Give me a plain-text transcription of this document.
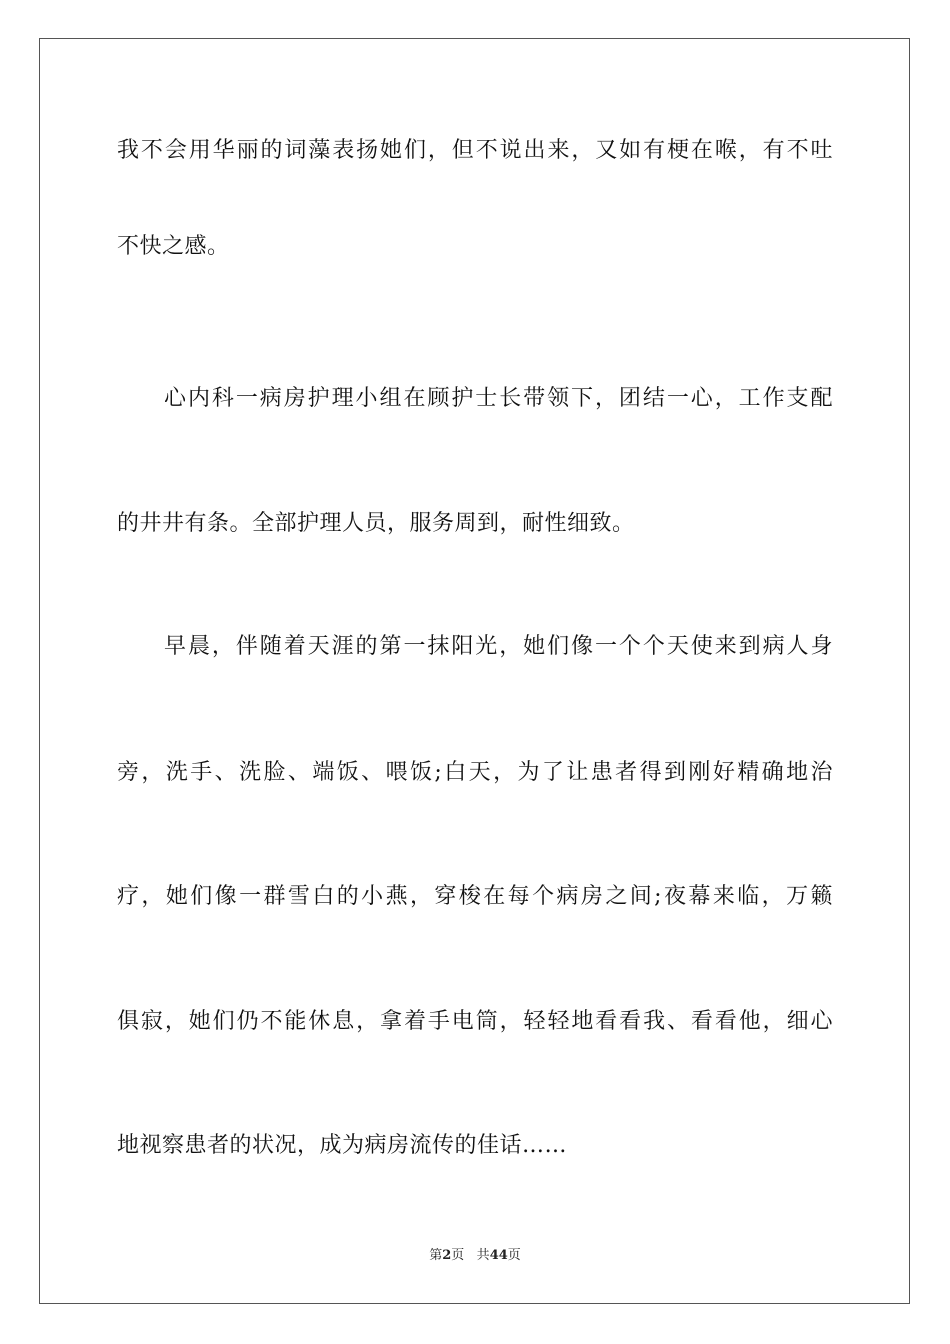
我不会用华丽的词藻表扬她们，但不说出来，又如有梗在喉，有不吐
不快之感。
心内科一病房护理小组在顾护士长带领下，团结一心，工作支配
的井井有条。全部护理人员，服务周到，耐性细致。
早晨，伴随着天涯的第一抹阳光，她们像一个个天使来到病人身
旁，洗手、洗脸、端饭、喂饭;白天，为了让患者得到刚好精确地治
疗，她们像一群雪白的小燕，穿梭在每个病房之间;夜幕来临，万籁
俱寂，她们仍不能休息，拿着手电筒，轻轻地看看我、看看他，细心
地视察患者的状况，成为病房流传的佳话……
第2页 共44页
